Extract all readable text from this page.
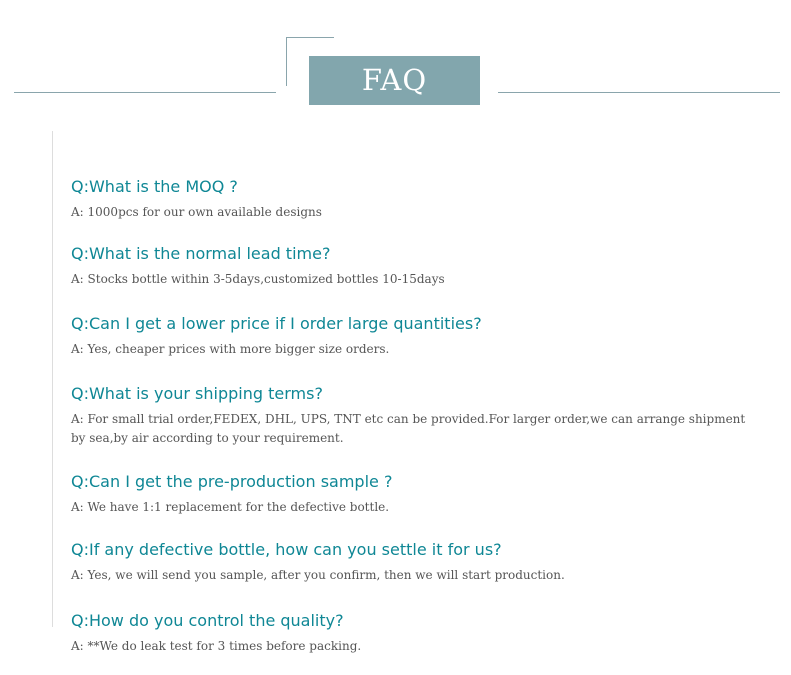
FAQ

Q:What is the MOQ ?

A: 1000pcs for our own available designs

Q:What is the normal lead time?

A: Stocks bottle within 3-5days,customized bottles 10-15days

Q:Can I get a lower price if I order large quantities?

A: Yes, cheaper prices with more bigger size orders.

Q:What is your shipping terms?

A: For small trial order,FEDEX, DHL, UPS, TNT etc can be provided.For larger order,we can arrange shipment by sea,by air according to your requirement.

Q:Can I get the pre-production sample ?

A: We have 1:1 replacement for the defective bottle.

Q:If any defective bottle, how can you settle it for us?

A: Yes, we will send you sample, after you confirm, then we will start production.

Q:How do you control the quality?

A: **We do leak test for 3 times before packing.
